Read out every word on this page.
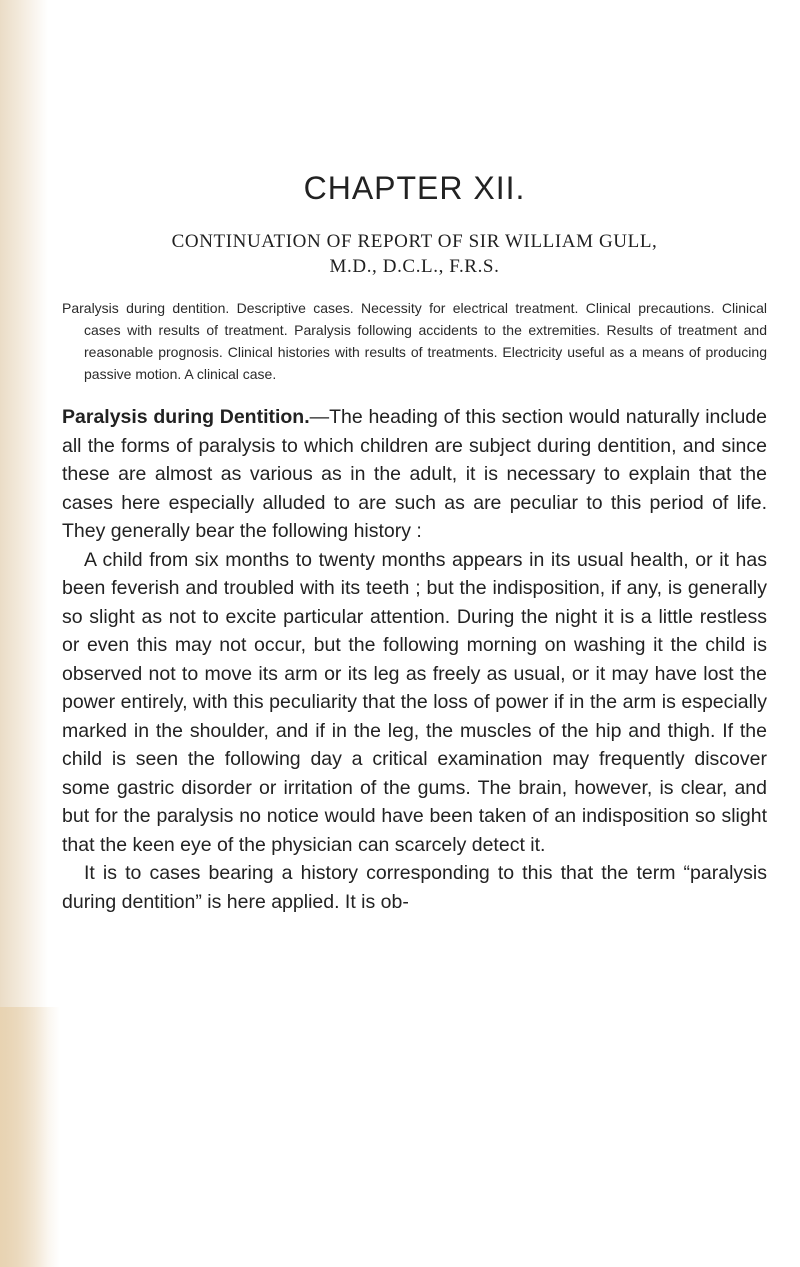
CHAPTER XII.
CONTINUATION OF REPORT OF SIR WILLIAM GULL,
M.D., D.C.L., F.R.S.

Paralysis during dentition. Descriptive cases. Necessity for electrical treatment. Clinical precautions. Clinical cases with results of treatment. Paralysis following accidents to the extremities. Results of treatment and reasonable prognosis. Clinical histories with results of treatments. Electricity useful as a means of producing passive motion. A clinical case.

Paralysis during Dentition.—The heading of this section would naturally include all the forms of paralysis to which children are subject during dentition, and since these are almost as various as in the adult, it is necessary to explain that the cases here especially alluded to are such as are peculiar to this period of life. They generally bear the following history :

A child from six months to twenty months appears in its usual health, or it has been feverish and troubled with its teeth ; but the indisposition, if any, is generally so slight as not to excite particular attention. During the night it is a little restless or even this may not occur, but the following morning on washing it the child is observed not to move its arm or its leg as freely as usual, or it may have lost the power entirely, with this peculiarity that the loss of power if in the arm is especially marked in the shoulder, and if in the leg, the muscles of the hip and thigh. If the child is seen the following day a critical examination may frequently discover some gastric disorder or irritation of the gums. The brain, however, is clear, and but for the paralysis no notice would have been taken of an indisposition so slight that the keen eye of the physician can scarcely detect it.

It is to cases bearing a history corresponding to this that the term “paralysis during dentition” is here applied. It is ob-
